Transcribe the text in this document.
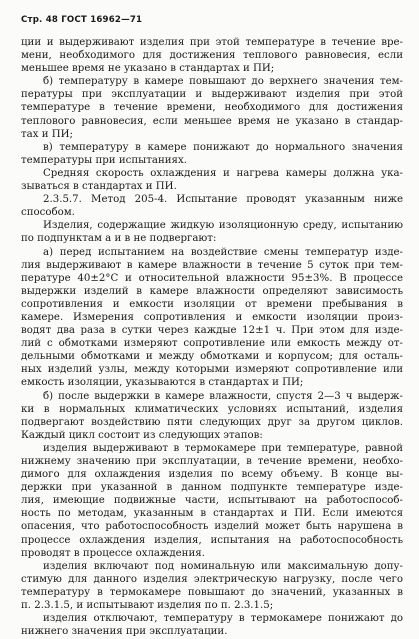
Стр. 48 ГОСТ 16962—71
ции и выдерживают изделия при этой температуре в течение вре-
мени, необходимого для достижения теплового равновесия, если
меньшее время не указано в стандартах и ПИ;
б) температуру в камере повышают до верхнего значения тем-
пературы при эксплуатации и выдерживают изделия при этой
температуре в течение времени, необходимого для достижения
теплового равновесия, если меньшее время не указано в стандар-
тах и ПИ;
в) температуру в камере понижают до нормального значения
температуры при испытаниях.
Средняя скорость охлаждения и нагрева камеры должна ука-
зываться в стандартах и ПИ.
2.3.5.7. Метод 205-4. Испытание проводят указанным ниже
способом.
Изделия, содержащие жидкую изоляционную среду, испытанию
по подпунктам а и в не подвергают:
а) перед испытанием на воздействие смены температур изде-
лия выдерживают в камере влажности в течение 5 суток при тем-
пературе 40±2°С и относительной влажности 95±3%. В процессе
выдержки изделий в камере влажности определяют зависимость
сопротивления и емкости изоляции от времени пребывания в
камере. Измерения сопротивления и емкости изоляции произ-
водят два раза в сутки через каждые 12±1 ч. При этом для изде-
лий с обмотками измеряют сопротивление или емкость между от-
дельными обмотками и между обмотками и корпусом; для осталь-
ных изделий узлы, между которыми измеряют сопротивление или
емкость изоляции, указываются в стандартах и ПИ;
б) после выдержки в камере влажности, спустя 2—3 ч выдерж-
ки в нормальных климатических условиях испытаний, изделия
подвергают воздействию пяти следующих друг за другом циклов.
Каждый цикл состоит из следующих этапов:
изделия выдерживают в термокамере при температуре, равной
нижнему значению при эксплуатации, в течение времени, необхо-
димого для охлаждения изделия по всему объему. В конце вы-
держки при указанной в данном подпункте температуре изде-
лия, имеющие подвижные части, испытывают на работоспособ-
ность по методам, указанным в стандартах и ПИ. Если имеются
опасения, что работоспособность изделий может быть нарушена в
процессе охлаждения изделия, испытания на работоспособность
проводят в процессе охлаждения.
изделия включают под номинальную или максимальную допу-
стимую для данного изделия электрическую нагрузку, после чего
температуру в термокамере повышают до значений, указанных в
п. 2.3.1.5, и испытывают изделия по п. 2.3.1.5;
изделия отключают, температуру в термокамере понижают до
нижнего значения при эксплуатации.
